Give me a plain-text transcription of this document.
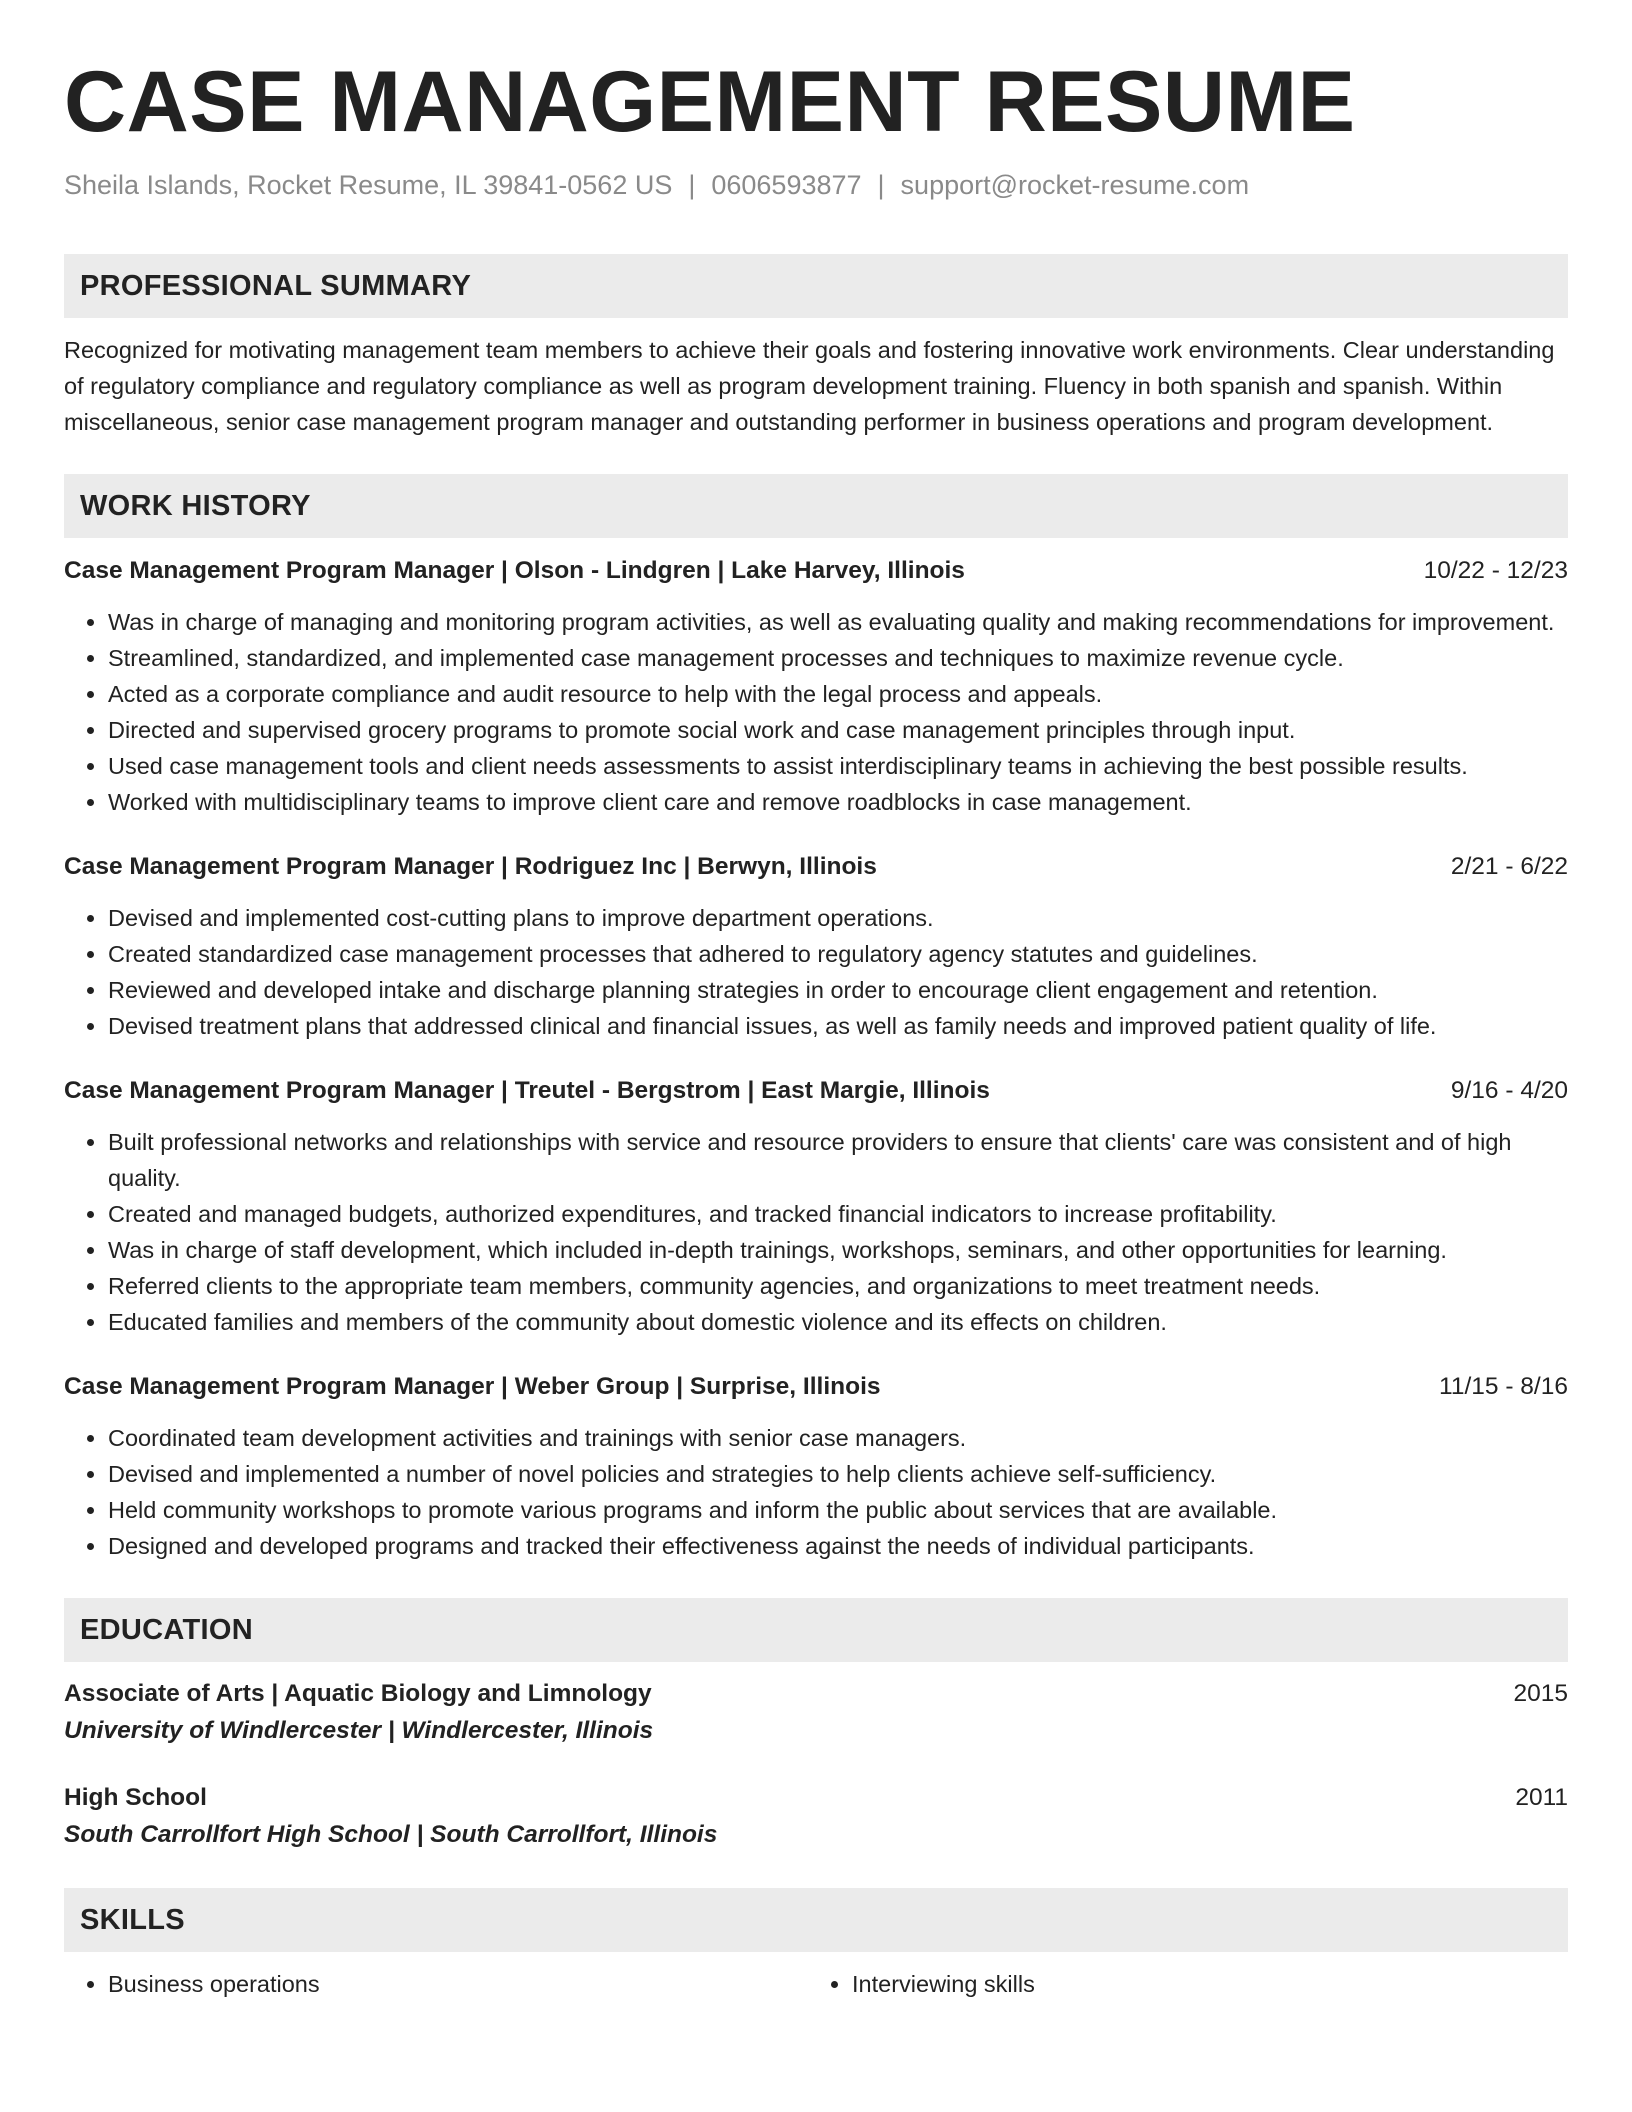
CASE MANAGEMENT RESUME
Sheila Islands, Rocket Resume, IL 39841-0562 US | 0606593877 | support@rocket-resume.com
PROFESSIONAL SUMMARY
Recognized for motivating management team members to achieve their goals and fostering innovative work environments. Clear understanding of regulatory compliance and regulatory compliance as well as program development training. Fluency in both spanish and spanish. Within miscellaneous, senior case management program manager and outstanding performer in business operations and program development.
WORK HISTORY
Case Management Program Manager | Olson - Lindgren | Lake Harvey, Illinois	10/22 - 12/23
• Was in charge of managing and monitoring program activities, as well as evaluating quality and making recommendations for improvement.
• Streamlined, standardized, and implemented case management processes and techniques to maximize revenue cycle.
• Acted as a corporate compliance and audit resource to help with the legal process and appeals.
• Directed and supervised grocery programs to promote social work and case management principles through input.
• Used case management tools and client needs assessments to assist interdisciplinary teams in achieving the best possible results.
• Worked with multidisciplinary teams to improve client care and remove roadblocks in case management.
Case Management Program Manager | Rodriguez Inc | Berwyn, Illinois	2/21 - 6/22
• Devised and implemented cost-cutting plans to improve department operations.
• Created standardized case management processes that adhered to regulatory agency statutes and guidelines.
• Reviewed and developed intake and discharge planning strategies in order to encourage client engagement and retention.
• Devised treatment plans that addressed clinical and financial issues, as well as family needs and improved patient quality of life.
Case Management Program Manager | Treutel - Bergstrom | East Margie, Illinois	9/16 - 4/20
• Built professional networks and relationships with service and resource providers to ensure that clients' care was consistent and of high quality.
• Created and managed budgets, authorized expenditures, and tracked financial indicators to increase profitability.
• Was in charge of staff development, which included in-depth trainings, workshops, seminars, and other opportunities for learning.
• Referred clients to the appropriate team members, community agencies, and organizations to meet treatment needs.
• Educated families and members of the community about domestic violence and its effects on children.
Case Management Program Manager | Weber Group | Surprise, Illinois	11/15 - 8/16
• Coordinated team development activities and trainings with senior case managers.
• Devised and implemented a number of novel policies and strategies to help clients achieve self-sufficiency.
• Held community workshops to promote various programs and inform the public about services that are available.
• Designed and developed programs and tracked their effectiveness against the needs of individual participants.
EDUCATION
Associate of Arts | Aquatic Biology and Limnology	2015
University of Windlercester | Windlercester, Illinois
High School	2011
South Carrollfort High School | South Carrollfort, Illinois
SKILLS
• Business operations
•	Interviewing skills
